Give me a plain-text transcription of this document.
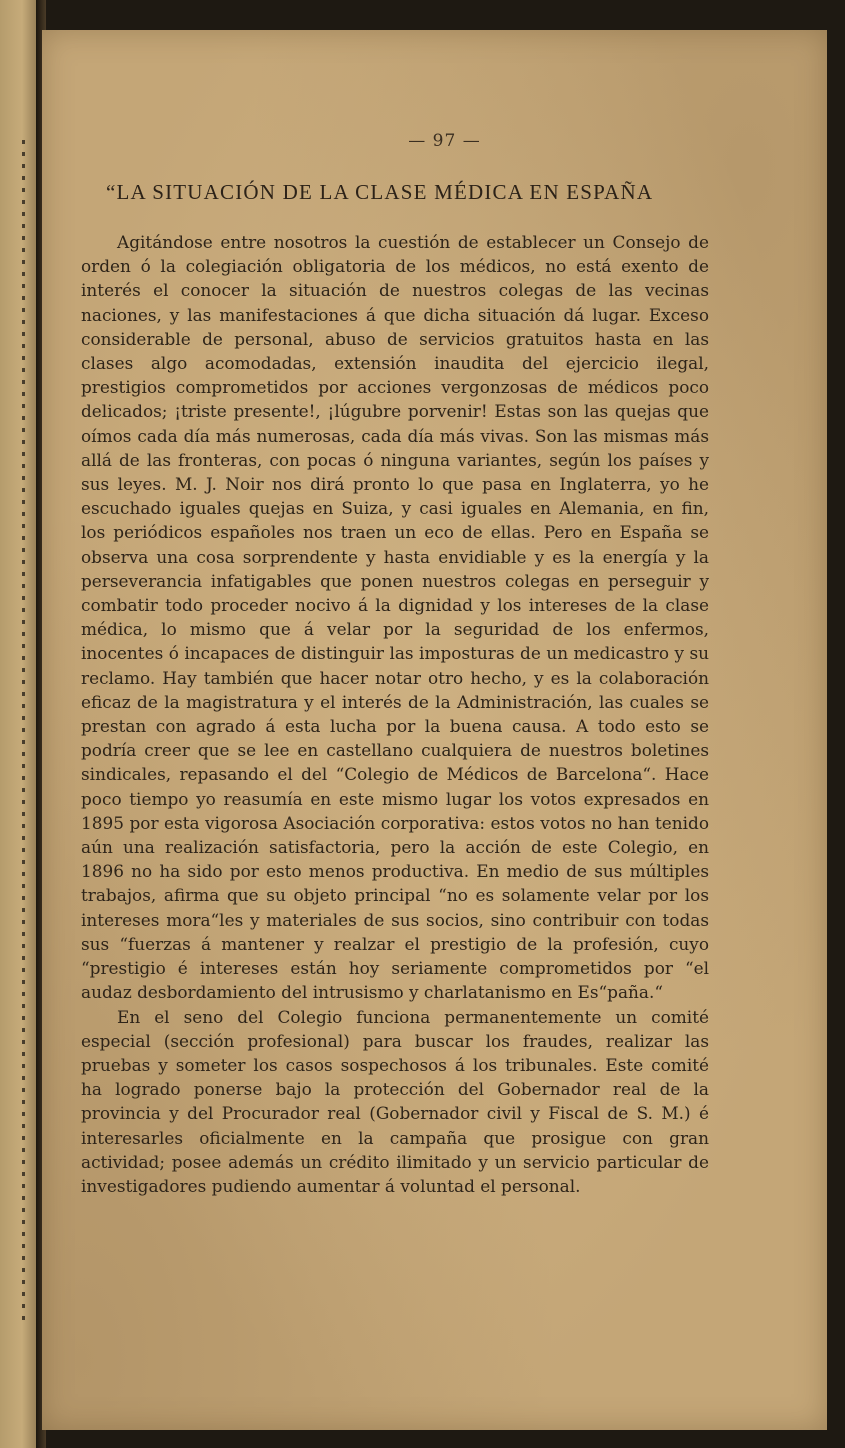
— 97 —
“LA SITUACIÓN DE LA CLASE MÉDICA EN ESPAÑA

Agitándose entre nosotros la cuestión de establecer un Consejo de orden ó la colegiación obligatoria de los médicos, no está exento de interés el conocer la situación de nuestros colegas de las vecinas naciones, y las manifestaciones á que dicha situación dá lugar. Exceso considerable de personal, abuso de servicios gratuitos hasta en las clases algo acomodadas, extensión inaudita del ejercicio ilegal, prestigios comprometidos por acciones vergonzosas de médicos poco delicados; ¡triste presente!, ¡lúgubre porvenir! Estas son las quejas que oímos cada día más numerosas, cada día más vivas. Son las mismas más allá de las fronteras, con pocas ó ninguna variantes, según los países y sus leyes. M. J. Noir nos dirá pronto lo que pasa en Inglaterra, yo he escuchado iguales quejas en Suiza, y casi iguales en Alemania, en fin, los periódicos españoles nos traen un eco de ellas. Pero en España se observa una cosa sorprendente y hasta envidiable y es la energía y la perseverancia infatigables que ponen nuestros colegas en perseguir y combatir todo proceder nocivo á la dignidad y los intereses de la clase médica, lo mismo que á velar por la seguridad de los enfermos, inocentes ó incapaces de distinguir las imposturas de un medicastro y su reclamo. Hay también que hacer notar otro hecho, y es la colaboración eficaz de la magistratura y el interés de la Administración, las cuales se prestan con agrado á esta lucha por la buena causa. A todo esto se podría creer que se lee en castellano cualquiera de nuestros boletines sindicales, repasando el del “Colegio de Médicos de Barcelona“. Hace poco tiempo yo reasumía en este mismo lugar los votos expresados en 1895 por esta vigorosa Asociación corporativa: estos votos no han tenido aún una realización satisfactoria, pero la acción de este Colegio, en 1896 no ha sido por esto menos productiva. En medio de sus múltiples trabajos, afirma que su objeto principal “no es solamente velar por los intereses mora“les y materiales de sus socios, sino contribuir con todas sus “fuerzas á mantener y realzar el prestigio de la profesión, cuyo “prestigio é intereses están hoy seriamente comprometidos por “el audaz desbordamiento del intrusismo y charlatanismo en Es“paña.“

En el seno del Colegio funciona permanentemente un comité especial (sección profesional) para buscar los fraudes, realizar las pruebas y someter los casos sospechosos á los tribunales. Este comité ha logrado ponerse bajo la protección del Gobernador real de la provincia y del Procurador real (Gobernador civil y Fiscal de S. M.) é interesarles oficialmente en la campaña que prosigue con gran actividad; posee además un crédito ilimitado y un servicio particular de investigadores pudiendo aumentar á voluntad el personal.
